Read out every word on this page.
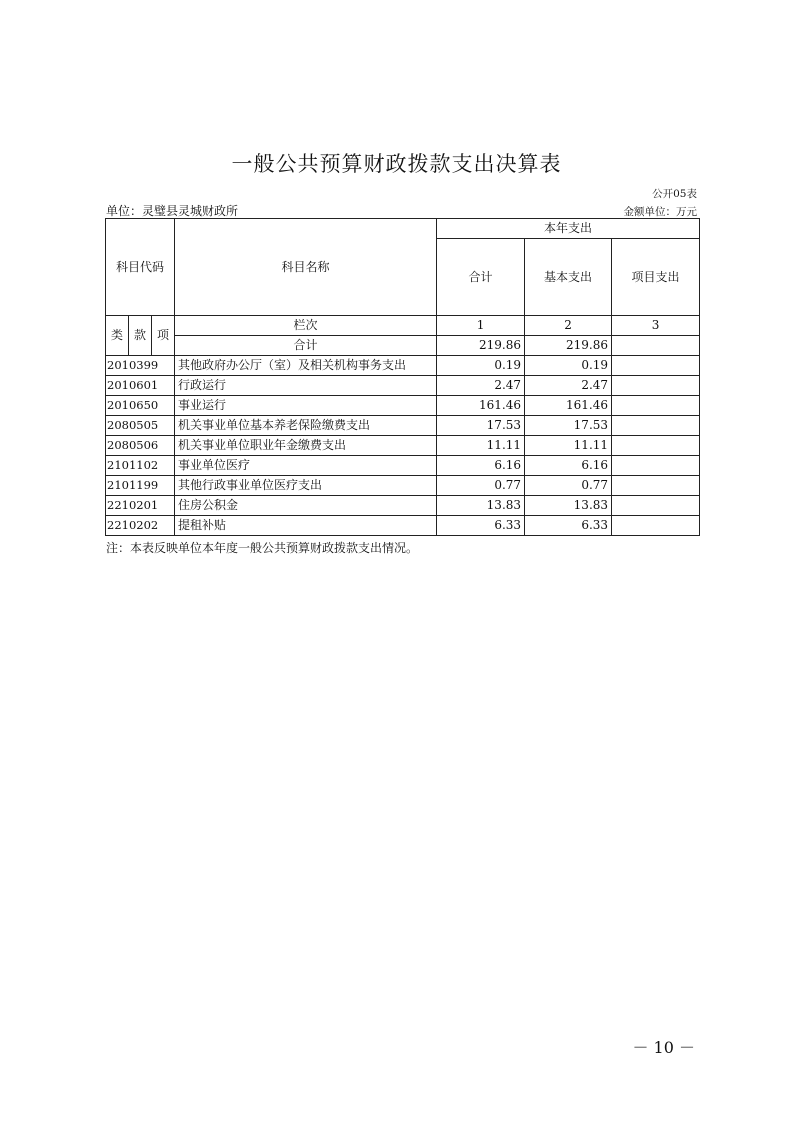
一般公共预算财政拨款支出决算表
公开05表
单位：灵璧县灵城财政所	金额单位：万元
科目代码			科目名称	本年支出		
				合计	基本支出	项目支出
类	款	项	栏次	1	2	3
			合计	219.86	219.86	
2010399			其他政府办公厅（室）及相关机构事务支出	0.19	0.19	
2010601			行政运行	2.47	2.47	
2010650			事业运行	161.46	161.46	
2080505			机关事业单位基本养老保险缴费支出	17.53	17.53	
2080506			机关事业单位职业年金缴费支出	11.11	11.11	
2101102			事业单位医疗	6.16	6.16	
2101199			其他行政事业单位医疗支出	0.77	0.77	
2210201			住房公积金	13.83	13.83	
2210202			提租补贴	6.33	6.33	
注：本表反映单位本年度一般公共预算财政拨款支出情况。
－ 10 －
